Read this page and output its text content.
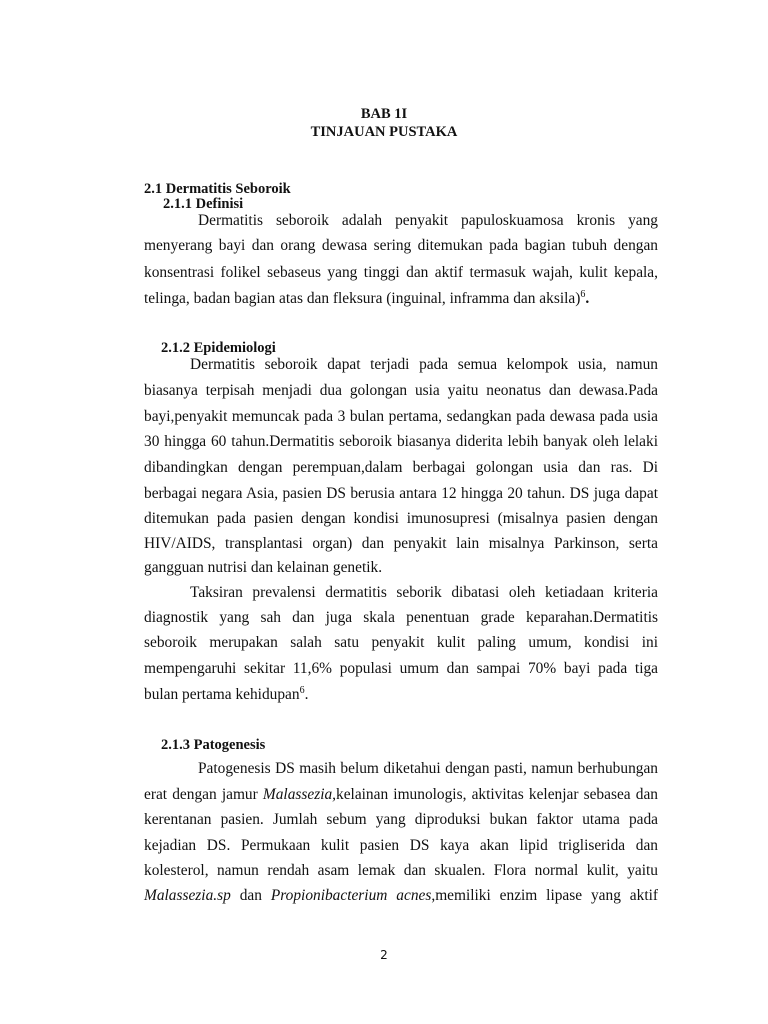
BAB 1I
TINJAUAN PUSTAKA
2.1 Dermatitis Seboroik
2.1.1 Definisi
Dermatitis seboroik adalah penyakit papuloskuamosa kronis yang
menyerang bayi dan orang dewasa sering ditemukan pada bagian tubuh dengan
konsentrasi folikel sebaseus yang tinggi dan aktif termasuk wajah, kulit kepala,
telinga, badan bagian atas dan fleksura (inguinal, inframma dan aksila)$^6$.
2.1.2 Epidemiologi
Dermatitis seboroik dapat terjadi pada semua kelompok usia, namun
biasanya terpisah menjadi dua golongan usia yaitu neonatus dan dewasa.Pada
bayi,penyakit memuncak pada 3 bulan pertama, sedangkan pada dewasa pada usia
30 hingga 60 tahun.Dermatitis seboroik biasanya diderita lebih banyak oleh lelaki
dibandingkan dengan perempuan,dalam berbagai golongan usia dan ras. Di
berbagai negara Asia, pasien DS berusia antara 12 hingga 20 tahun. DS juga dapat
ditemukan pada pasien dengan kondisi imunosupresi (misalnya pasien dengan
HIV/AIDS, transplantasi organ) dan penyakit lain misalnya Parkinson, serta
gangguan nutrisi dan kelainan genetik.
Taksiran prevalensi dermatitis seborik dibatasi oleh ketiadaan kriteria
diagnostik yang sah dan juga skala penentuan grade keparahan.Dermatitis
seboroik merupakan salah satu penyakit kulit paling umum, kondisi ini
mempengaruhi sekitar 11,6% populasi umum dan sampai 70% bayi pada tiga
bulan pertama kehidupan$^6$.
2.1.3 Patogenesis
Patogenesis DS masih belum diketahui dengan pasti, namun berhubungan
erat dengan jamur Malassezia,kelainan imunologis, aktivitas kelenjar sebasea dan
kerentanan pasien. Jumlah sebum yang diproduksi bukan faktor utama pada
kejadian DS. Permukaan kulit pasien DS kaya akan lipid trigliserida dan
kolesterol, namun rendah asam lemak dan skualen. Flora normal kulit, yaitu
Malassezia.sp dan Propionibacterium acnes,memiliki enzim lipase yang aktif
2
